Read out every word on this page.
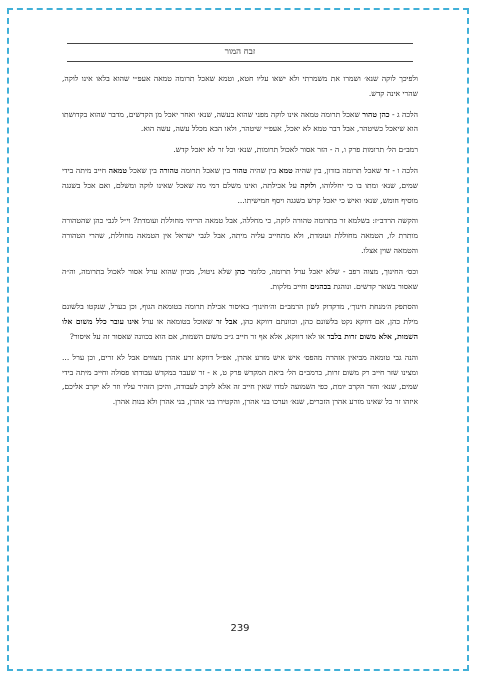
זבח המור

ולפיכך לוקה שנא׳ ושמרו את משמרתי ולא ישאו עליו חטא, וטמא שאכל תרומה טמאה אעפ״י שהוא בלאו אינו לוקה, שהרי אינה קדש.

הלכה ג - כהן טהור שאכל תרומה טמאה אינו לוקה מפני שהוא בעשה, שנא׳ ואחר יאכל מן הקדשים, מדבר שהוא בקדושתו הוא שיאכל כשיטהר, אבל דבר טמא לא יאכל, אעפ״י שיטהר, ולאו הבא מכלל עשה, עשה הוא.

רמב״ם הל׳ תרומות פרק ו, ה - הזר אסור לאכול תרומות, שנא׳ וכל זר לא יאכל קדש.

הלכה ו - זר שאכל תרומה בזדון, בין שהיה טמא בין שהיה טהור בין שאכל תרומה טהורה בין שאכל טמאה חייב מיתה בידי שמים, שנא׳ ומתו בו כי יחללוהו, ולוקה על אכילתה, ואינו משלם דמי מה שאכל שאינו לוקה ומשלם, ואם אכל בשגגה מוסיף חומש, שנא׳ ואיש כי יאכל קדש בשגגה ויסף חמישיתו...

והקשה הרדב״ז: בשלמא זר בתרומה טהורה לוקה, כי מחללה, אבל טמאה הריהי מחוללת ועומדת? וי״ל לגבי כהן שהטהורה מותרת לו, הטמאה מחוללת ועומדת, ולא מתחייב עליה מיתה, אבל לגבי ישראל אין הטמאה מחוללת, שהרי הטהורה והטמאה שוין אצלו.

וכס׳ החינוך, מצוה רפב - שלא יאכל ערל תרומה, כלומר כהן שלא ניטול, מכיון שהוא ערל אסור לאכול בתרומה, וה״ה שאסור בשאר קדשים. ונוהגת בכהנים וחייב מלקות.

והסתפק ה׳מנחת חינוך׳, מדקדוק לשון הרמב״ם וה׳חינוך׳ באיסור אכילת תרומה בטומאת הגוף, וכן בערל, שנקטו בלשונם מילת כהן, אם דווקא נקט בלשונם כהן, וכוונתם דווקא כהן, אבל זר שאוכל בטומאה או ערל אינו עובר כלל משום אלו השמות, אלא משום זרות בלבד או לאו דווקא, אלא אף זר חייב ג״כ משום השמות, אם הוא בכוונה שאסור זה על איסור?

והנה גבי טומאה מביאין אזהרה מהפס׳ איש איש מזרע אהרן, אפ״ל דווקא זרע אהרן מצווים אבל לא זרים, וכן ערל ... ומצינו שזר חייב רק משום זרות, ברמב״ם הל׳ ביאת המקדש פרק ט, א - זר שעבד במקדש עבודתו פסולה וחייב מיתה בידי שמים, שנא׳ והזר הקרב יומת, כפי השמועה למדו שאין חייב זה אלא לקרב לעבודה, והיכן הזהיר עליו וזר לא יקרב אליכם, איזהו זר כל שאינו מזרע אהרן הזכרים, שנא׳ וערכו בני אהרן, והקטירו בני אהרן, בני אהרן ולא בנות אהרן.

239
